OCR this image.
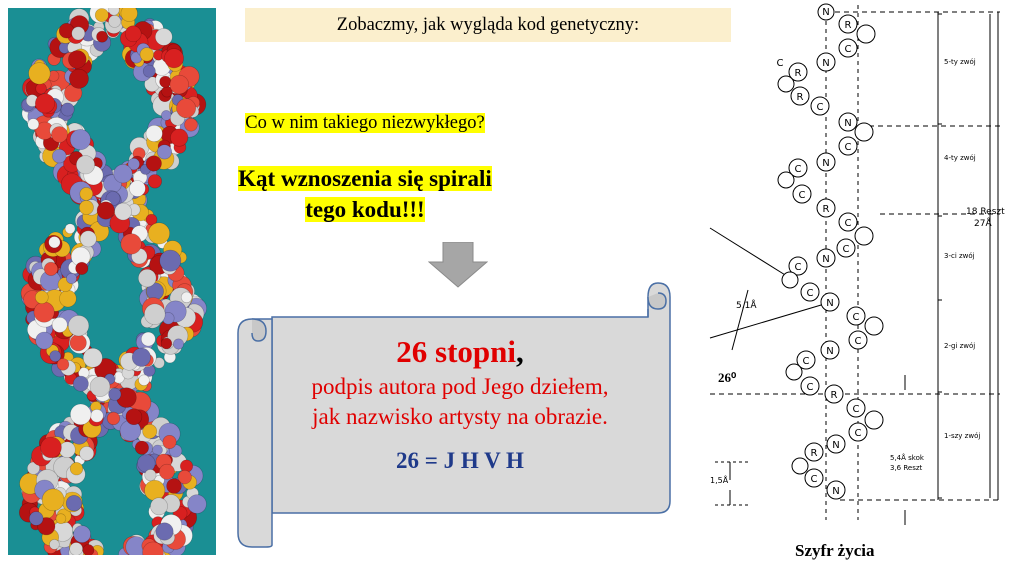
Zobaczmy, jak wygląda kod genetyczny:
Co w nim takiego niezwykłego?
Kąt wznoszenia się spirali
tego kodu!!!
26 stopni,
podpis autora pod Jego dziełem,
jak nazwisko artysty na obrazie.
26 = J H V H
N
R
C
N
R
R
C
C
N
C
N
C
C
R
C
C
N
C
C
N
C
C
N
C
C
R
C
C
N
R
C
N
5-ty zwój
4-ty zwój
3-ci zwój
2-gi zwój
1-szy zwój
18 Reszt
27Å
5,4Å skok
3,6 Reszt
1,5Å
5,1Å
26⁰
Szyfr życia
